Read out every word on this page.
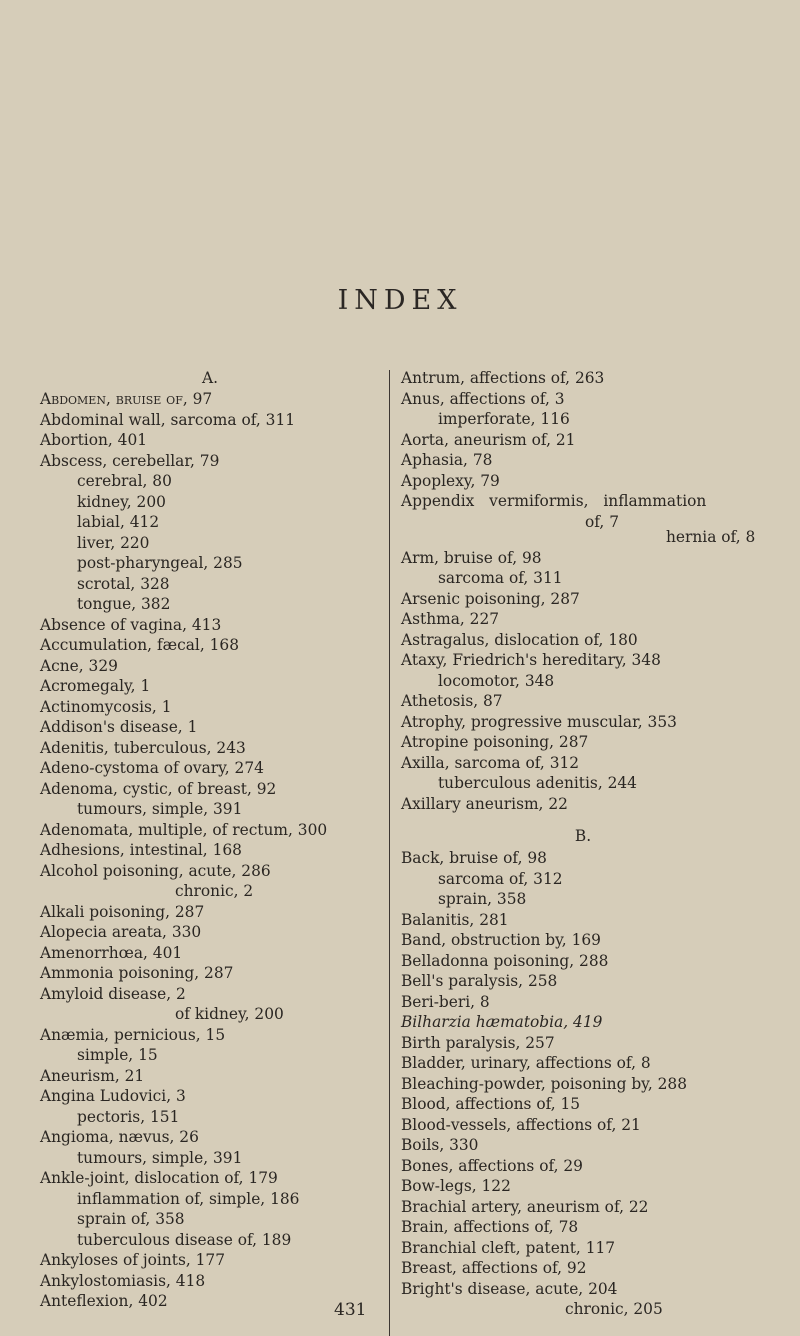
INDEX
A.
Abdomen, bruise of, 97
Abdominal wall, sarcoma of, 311
Abortion, 401
Abscess, cerebellar, 79
cerebral, 80
kidney, 200
labial, 412
liver, 220
post-pharyngeal, 285
scrotal, 328
tongue, 382
Absence of vagina, 413
Accumulation, fæcal, 168
Acne, 329
Acromegaly, 1
Actinomycosis, 1
Addison's disease, 1
Adenitis, tuberculous, 243
Adeno-cystoma of ovary, 274
Adenoma, cystic, of breast, 92
tumours, simple, 391
Adenomata, multiple, of rectum, 300
Adhesions, intestinal, 168
Alcohol poisoning, acute, 286
chronic, 2
Alkali poisoning, 287
Alopecia areata, 330
Amenorrhœa, 401
Ammonia poisoning, 287
Amyloid disease, 2
of kidney, 200
Anæmia, pernicious, 15
simple, 15
Aneurism, 21
Angina Ludovici, 3
pectoris, 151
Angioma, nævus, 26
tumours, simple, 391
Ankle-joint, dislocation of, 179
inflammation of, simple, 186
sprain of, 358
tuberculous disease of, 189
Ankyloses of joints, 177
Ankylostomiasis, 418
Anteflexion, 402
Antrum, affections of, 263
Anus, affections of, 3
imperforate, 116
Aorta, aneurism of, 21
Aphasia, 78
Apoplexy, 79
Appendix vermiformis, inflammation
of, 7
hernia of, 8
Arm, bruise of, 98
sarcoma of, 311
Arsenic poisoning, 287
Asthma, 227
Astragalus, dislocation of, 180
Ataxy, Friedrich's hereditary, 348
locomotor, 348
Athetosis, 87
Atrophy, progressive muscular, 353
Atropine poisoning, 287
Axilla, sarcoma of, 312
tuberculous adenitis, 244
Axillary aneurism, 22
B.
Back, bruise of, 98
sarcoma of, 312
sprain, 358
Balanitis, 281
Band, obstruction by, 169
Belladonna poisoning, 288
Bell's paralysis, 258
Beri-beri, 8
Bilharzia hæmatobia, 419
Birth paralysis, 257
Bladder, urinary, affections of, 8
Bleaching-powder, poisoning by, 288
Blood, affections of, 15
Blood-vessels, affections of, 21
Boils, 330
Bones, affections of, 29
Bow-legs, 122
Brachial artery, aneurism of, 22
Brain, affections of, 78
Branchial cleft, patent, 117
Breast, affections of, 92
Bright's disease, acute, 204
chronic, 205
431
